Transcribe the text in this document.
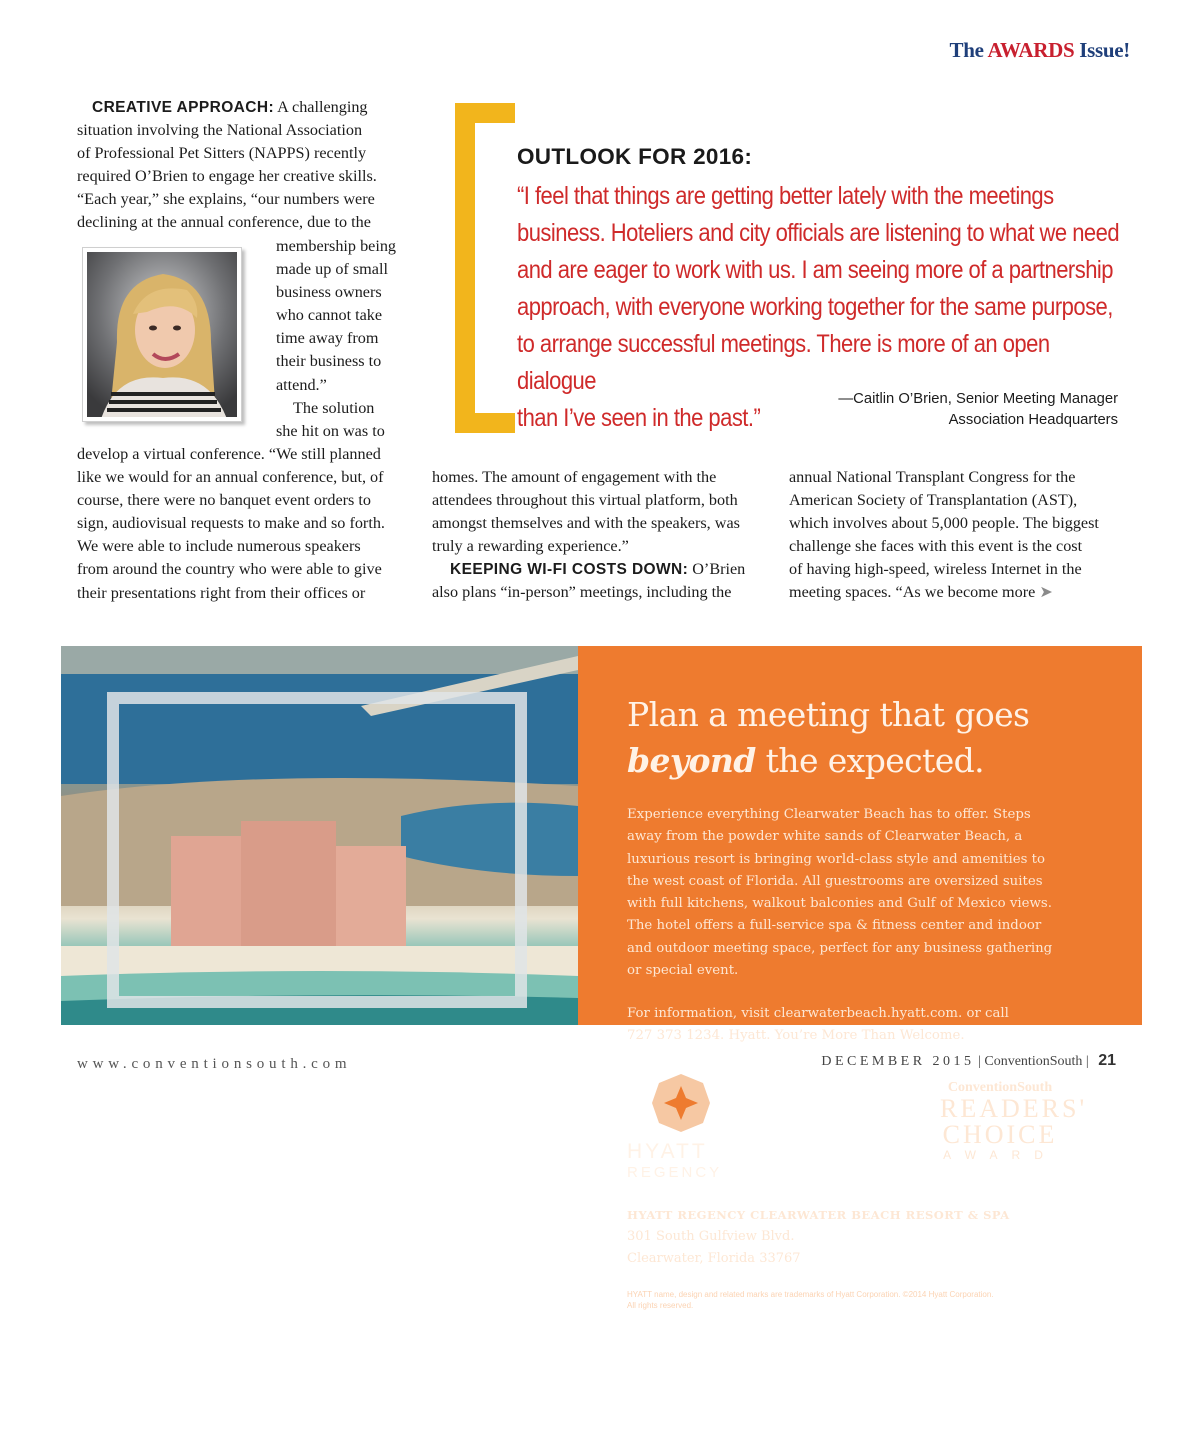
The AWARDS Issue!

CREATIVE APPROACH: A challenging

situation involving the National Association

of Professional Pet Sitters (NAPPS) recently

required O’Brien to engage her creative skills.

“Each year,” she explains, “our numbers were

declining at the annual conference, due to the

membership being

made up of small

business owners

who cannot take

time away from

their business to

attend.”

The solution

she hit on was to

develop a virtual conference. “We still planned

like we would for an annual conference, but, of

course, there were no banquet event orders to

sign, audiovisual requests to make and so forth.

We were able to include numerous speakers

from around the country who were able to give

their presentations right from their offices or

OUTLOOK FOR 2016:
“I feel that things are getting better lately with the meetings
business. Hoteliers and city officials are listening to what we need
and are eager to work with us. I am seeing more of a partnership
approach, with everyone working together for the same purpose,
to arrange successful meetings. There is more of an open dialogue
than I’ve seen in the past.”
—Caitlin O’Brien, Senior Meeting Manager
Association Headquarters

homes. The amount of engagement with the

attendees throughout this virtual platform, both

amongst themselves and with the speakers, was

truly a rewarding experience.”

KEEPING WI-FI COSTS DOWN: O’Brien

also plans “in-person” meetings, including the

annual National Transplant Congress for the

American Society of Transplantation (AST),

which involves about 5,000 people. The biggest

challenge she faces with this event is the cost

of having high-speed, wireless Internet in the

meeting spaces. “As we become more ➤

Plan a meeting that goes
beyond the expected.
Experience everything Clearwater Beach has to offer. Steps
away from the powder white sands of Clearwater Beach, a
luxurious resort is bringing world-class style and amenities to
the west coast of Florida. All guestrooms are oversized suites
with full kitchens, walkout balconies and Gulf of Mexico views.
The hotel offers a full-service spa & fitness center and indoor
and outdoor meeting space, perfect for any business gathering
or special event.
For information, visit clearwaterbeach.hyatt.com. or call
727 373 1234. Hyatt. You’re More Than Welcome.
HYATT
REGENCY
ConventionSouth
READERS'
CHOICE
AWARD
HYATT REGENCY CLEARWATER BEACH RESORT & SPA
301 South Gulfview Blvd.
Clearwater, Florida 33767
HYATT name, design and related marks are trademarks of Hyatt Corporation. ©2014 Hyatt Corporation.
All rights reserved.
www.conventionsouth.com	DECEMBER 2015 | ConventionSouth | 21
